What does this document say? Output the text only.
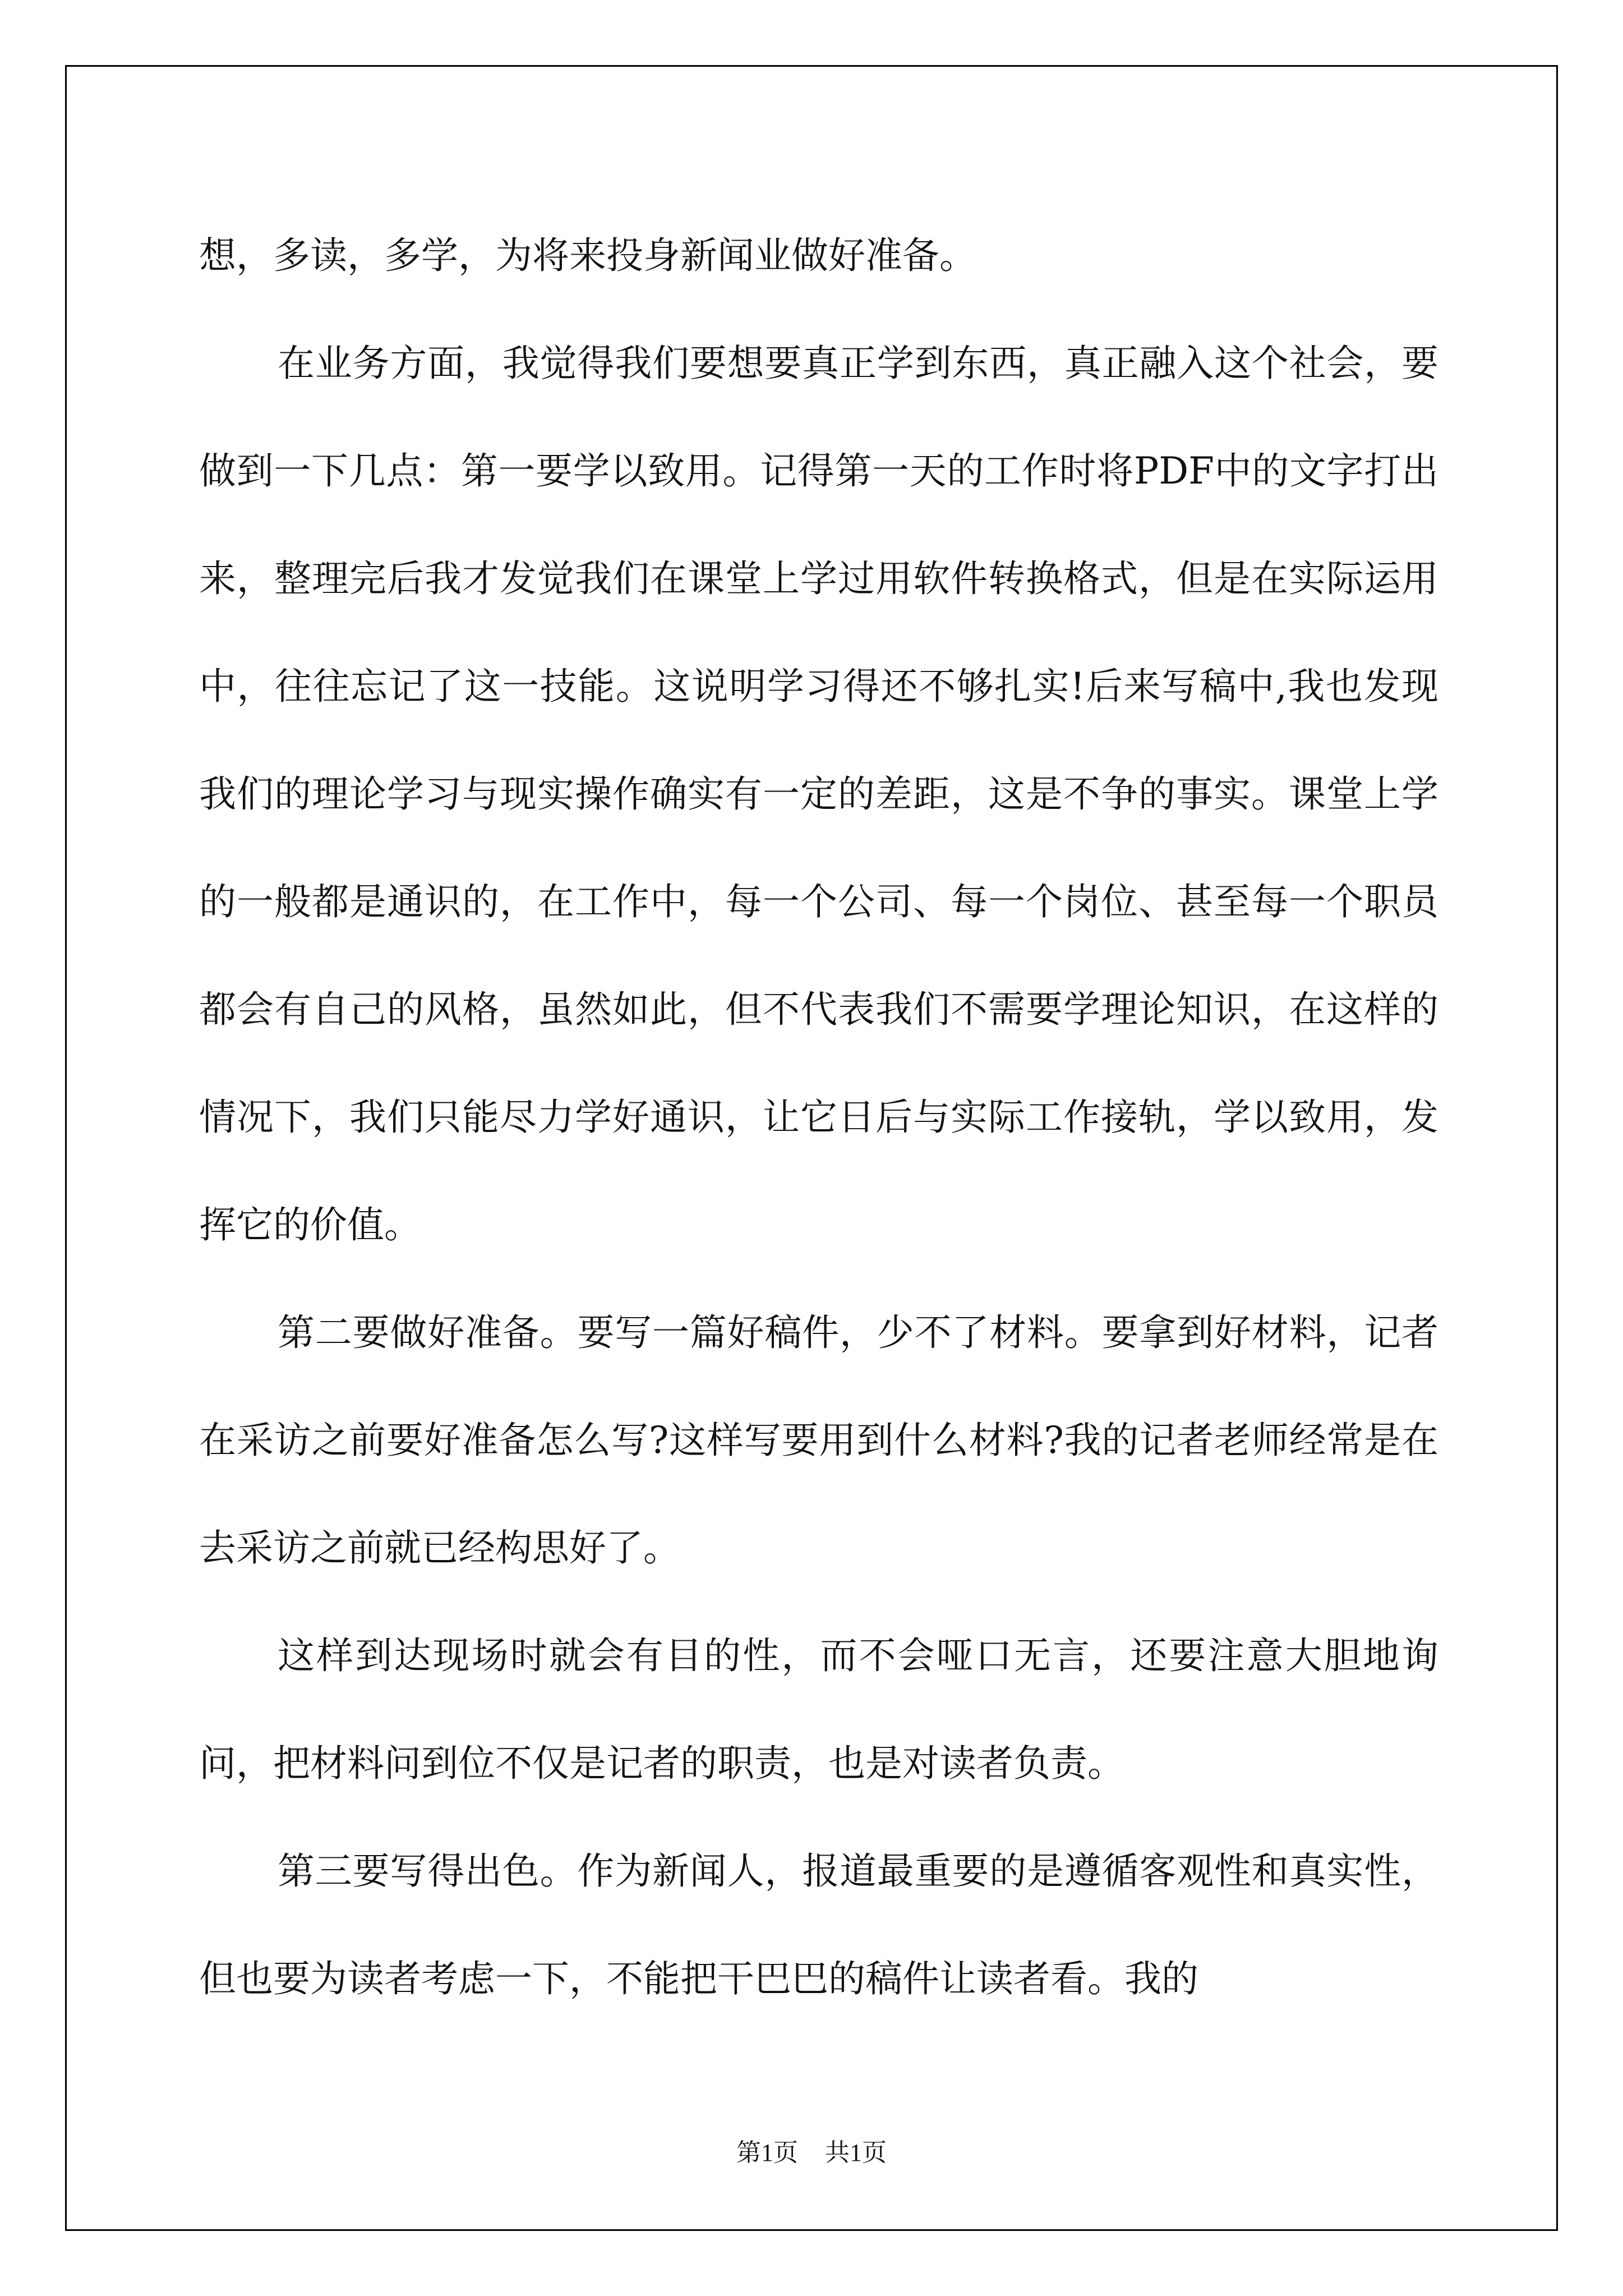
想，多读，多学，为将来投身新闻业做好准备。

在业务方面，我觉得我们要想要真正学到东西，真正融入这个社会，要做到一下几点：第一要学以致用。记得第一天的工作时将PDF中的文字打出来，整理完后我才发觉我们在课堂上学过用软件转换格式，但是在实际运用中，往往忘记了这一技能。这说明学习得还不够扎实!后来写稿中,我也发现我们的理论学习与现实操作确实有一定的差距，这是不争的事实。课堂上学的一般都是通识的，在工作中，每一个公司、每一个岗位、甚至每一个职员都会有自己的风格，虽然如此，但不代表我们不需要学理论知识，在这样的情况下，我们只能尽力学好通识，让它日后与实际工作接轨，学以致用，发挥它的价值。

第二要做好准备。要写一篇好稿件，少不了材料。要拿到好材料，记者在采访之前要好准备怎么写?这样写要用到什么材料?我的记者老师经常是在去采访之前就已经构思好了。

这样到达现场时就会有目的性，而不会哑口无言，还要注意大胆地询问，把材料问到位不仅是记者的职责，也是对读者负责。

第三要写得出色。作为新闻人，报道最重要的是遵循客观性和真实性，但也要为读者考虑一下，不能把干巴巴的稿件让读者看。我的

第1页 共1页
